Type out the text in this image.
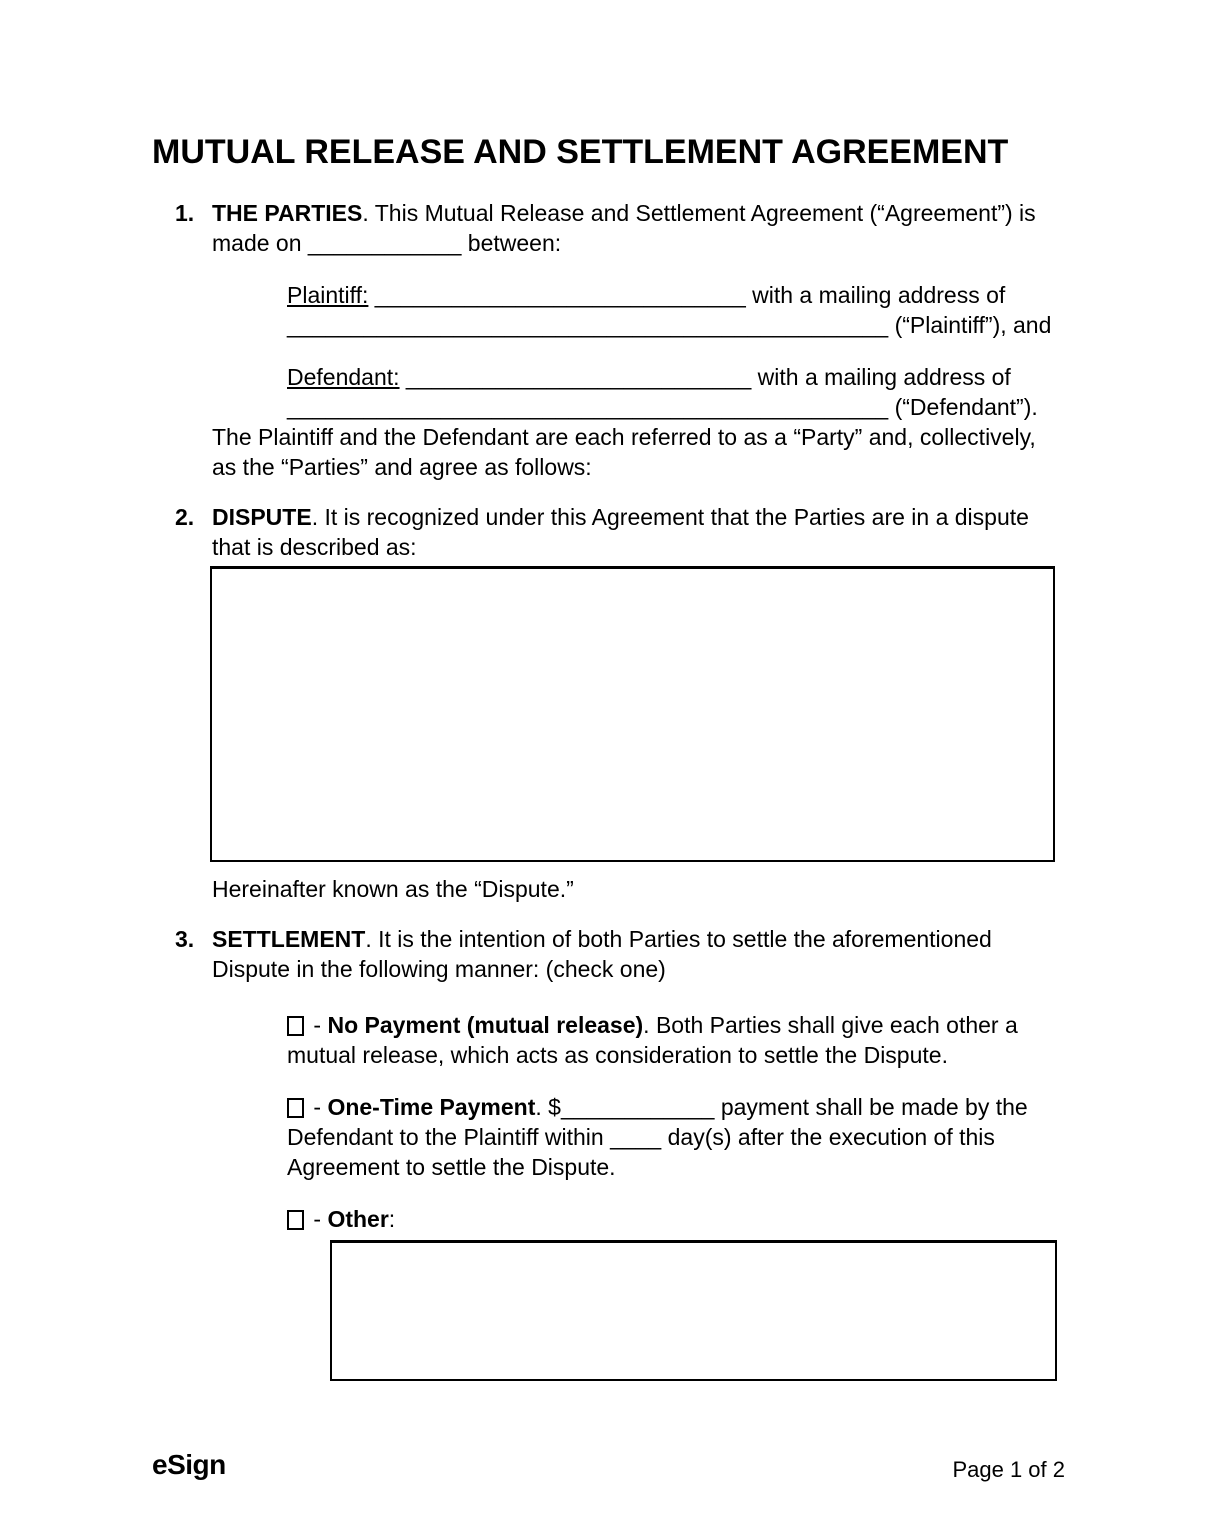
MUTUAL RELEASE AND SETTLEMENT AGREEMENT
1. THE PARTIES. This Mutual Release and Settlement Agreement (“Agreement”) is
made on ____________ between:

Plaintiff: _____________________________ with a mailing address of
_______________________________________________ (“Plaintiff”), and

Defendant: ___________________________ with a mailing address of
_______________________________________________ (“Defendant”).

The Plaintiff and the Defendant are each referred to as a “Party” and, collectively,
as the “Parties” and agree as follows:

2. DISPUTE. It is recognized under this Agreement that the Parties are in a dispute
that is described as:

Hereinafter known as the “Dispute.”

3. SETTLEMENT. It is the intention of both Parties to settle the aforementioned
Dispute in the following manner: (check one)

- No Payment (mutual release). Both Parties shall give each other a
mutual release, which acts as consideration to settle the Dispute.

- One-Time Payment. $____________ payment shall be made by the
Defendant to the Plaintiff within ____ day(s) after the execution of this
Agreement to settle the Dispute.

- Other:

eSign	Page 1 of 2
